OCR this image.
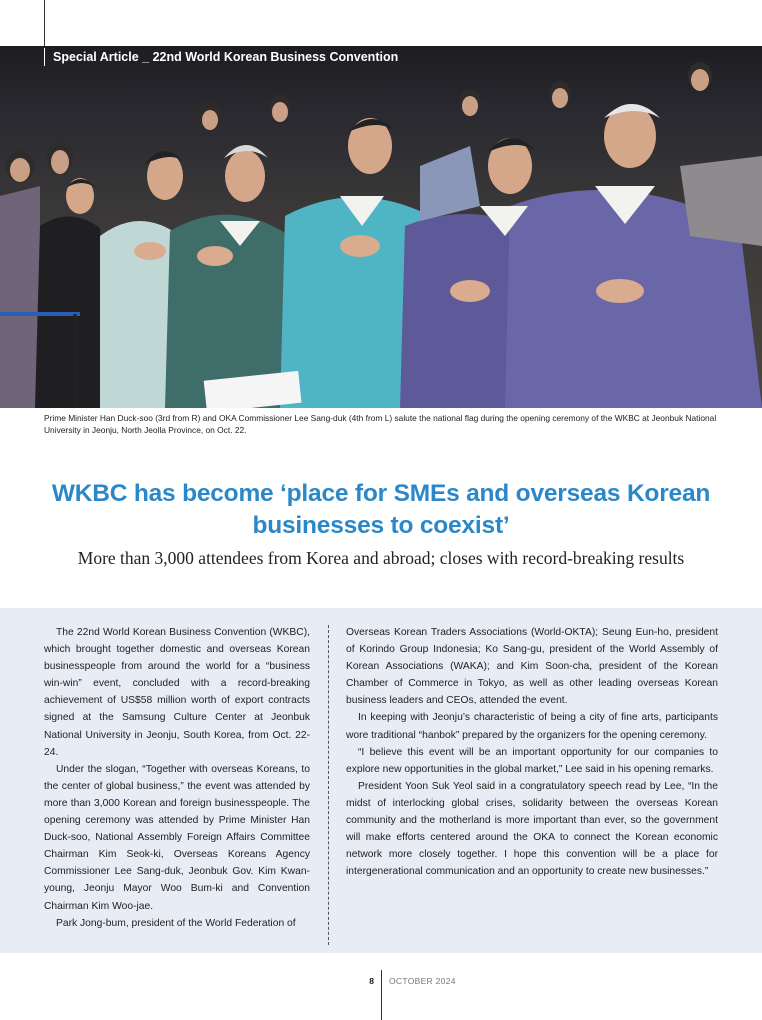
Special Article _ 22nd World Korean Business Convention
Prime Minister Han Duck-soo (3rd from R) and OKA Commissioner Lee Sang-duk (4th from L) salute the national flag during the opening ceremony of the WKBC at Jeonbuk National University in Jeonju, North Jeolla Province, on Oct. 22.
WKBC has become ‘place for SMEs and overseas Korean businesses to coexist’
More than 3,000 attendees from Korea and abroad; closes with record-breaking results

The 22nd World Korean Business Convention (WKBC), which brought together domestic and overseas Korean businesspeople from around the world for a “business win-win” event, concluded with a record-breaking achievement of US$58 million worth of export contracts signed at the Samsung Culture Center at Jeonbuk National University in Jeonju, South Korea, from Oct. 22-24.

Under the slogan, “Together with overseas Koreans, to the center of global business,” the event was attended by more than 3,000 Korean and foreign businesspeople. The opening ceremony was attended by Prime Minister Han Duck-soo, National Assembly Foreign Affairs Committee Chairman Kim Seok-ki, Overseas Koreans Agency Commissioner Lee Sang-duk, Jeonbuk Gov. Kim Kwan-young, Jeonju Mayor Woo Bum-ki and Convention Chairman Kim Woo-jae.

Park Jong-bum, president of the World Federation of

Overseas Korean Traders Associations (World-OKTA); Seung Eun-ho, president of Korindo Group Indonesia; Ko Sang-gu, president of the World Assembly of Korean Associations (WAKA); and Kim Soon-cha, president of the Korean Chamber of Commerce in Tokyo, as well as other leading overseas Korean business leaders and CEOs, attended the event.

In keeping with Jeonju’s characteristic of being a city of fine arts, participants wore traditional “hanbok” prepared by the organizers for the opening ceremony.

“I believe this event will be an important opportunity for our companies to explore new opportunities in the global market,” Lee said in his opening remarks.

President Yoon Suk Yeol said in a congratulatory speech read by Lee, “In the midst of interlocking global crises, solidarity between the overseas Korean community and the motherland is more important than ever, so the government will make efforts centered around the OKA to connect the Korean economic network more closely together. I hope this convention will be a place for intergenerational communication and an opportunity to create new businesses.”

8 OCTOBER 2024
